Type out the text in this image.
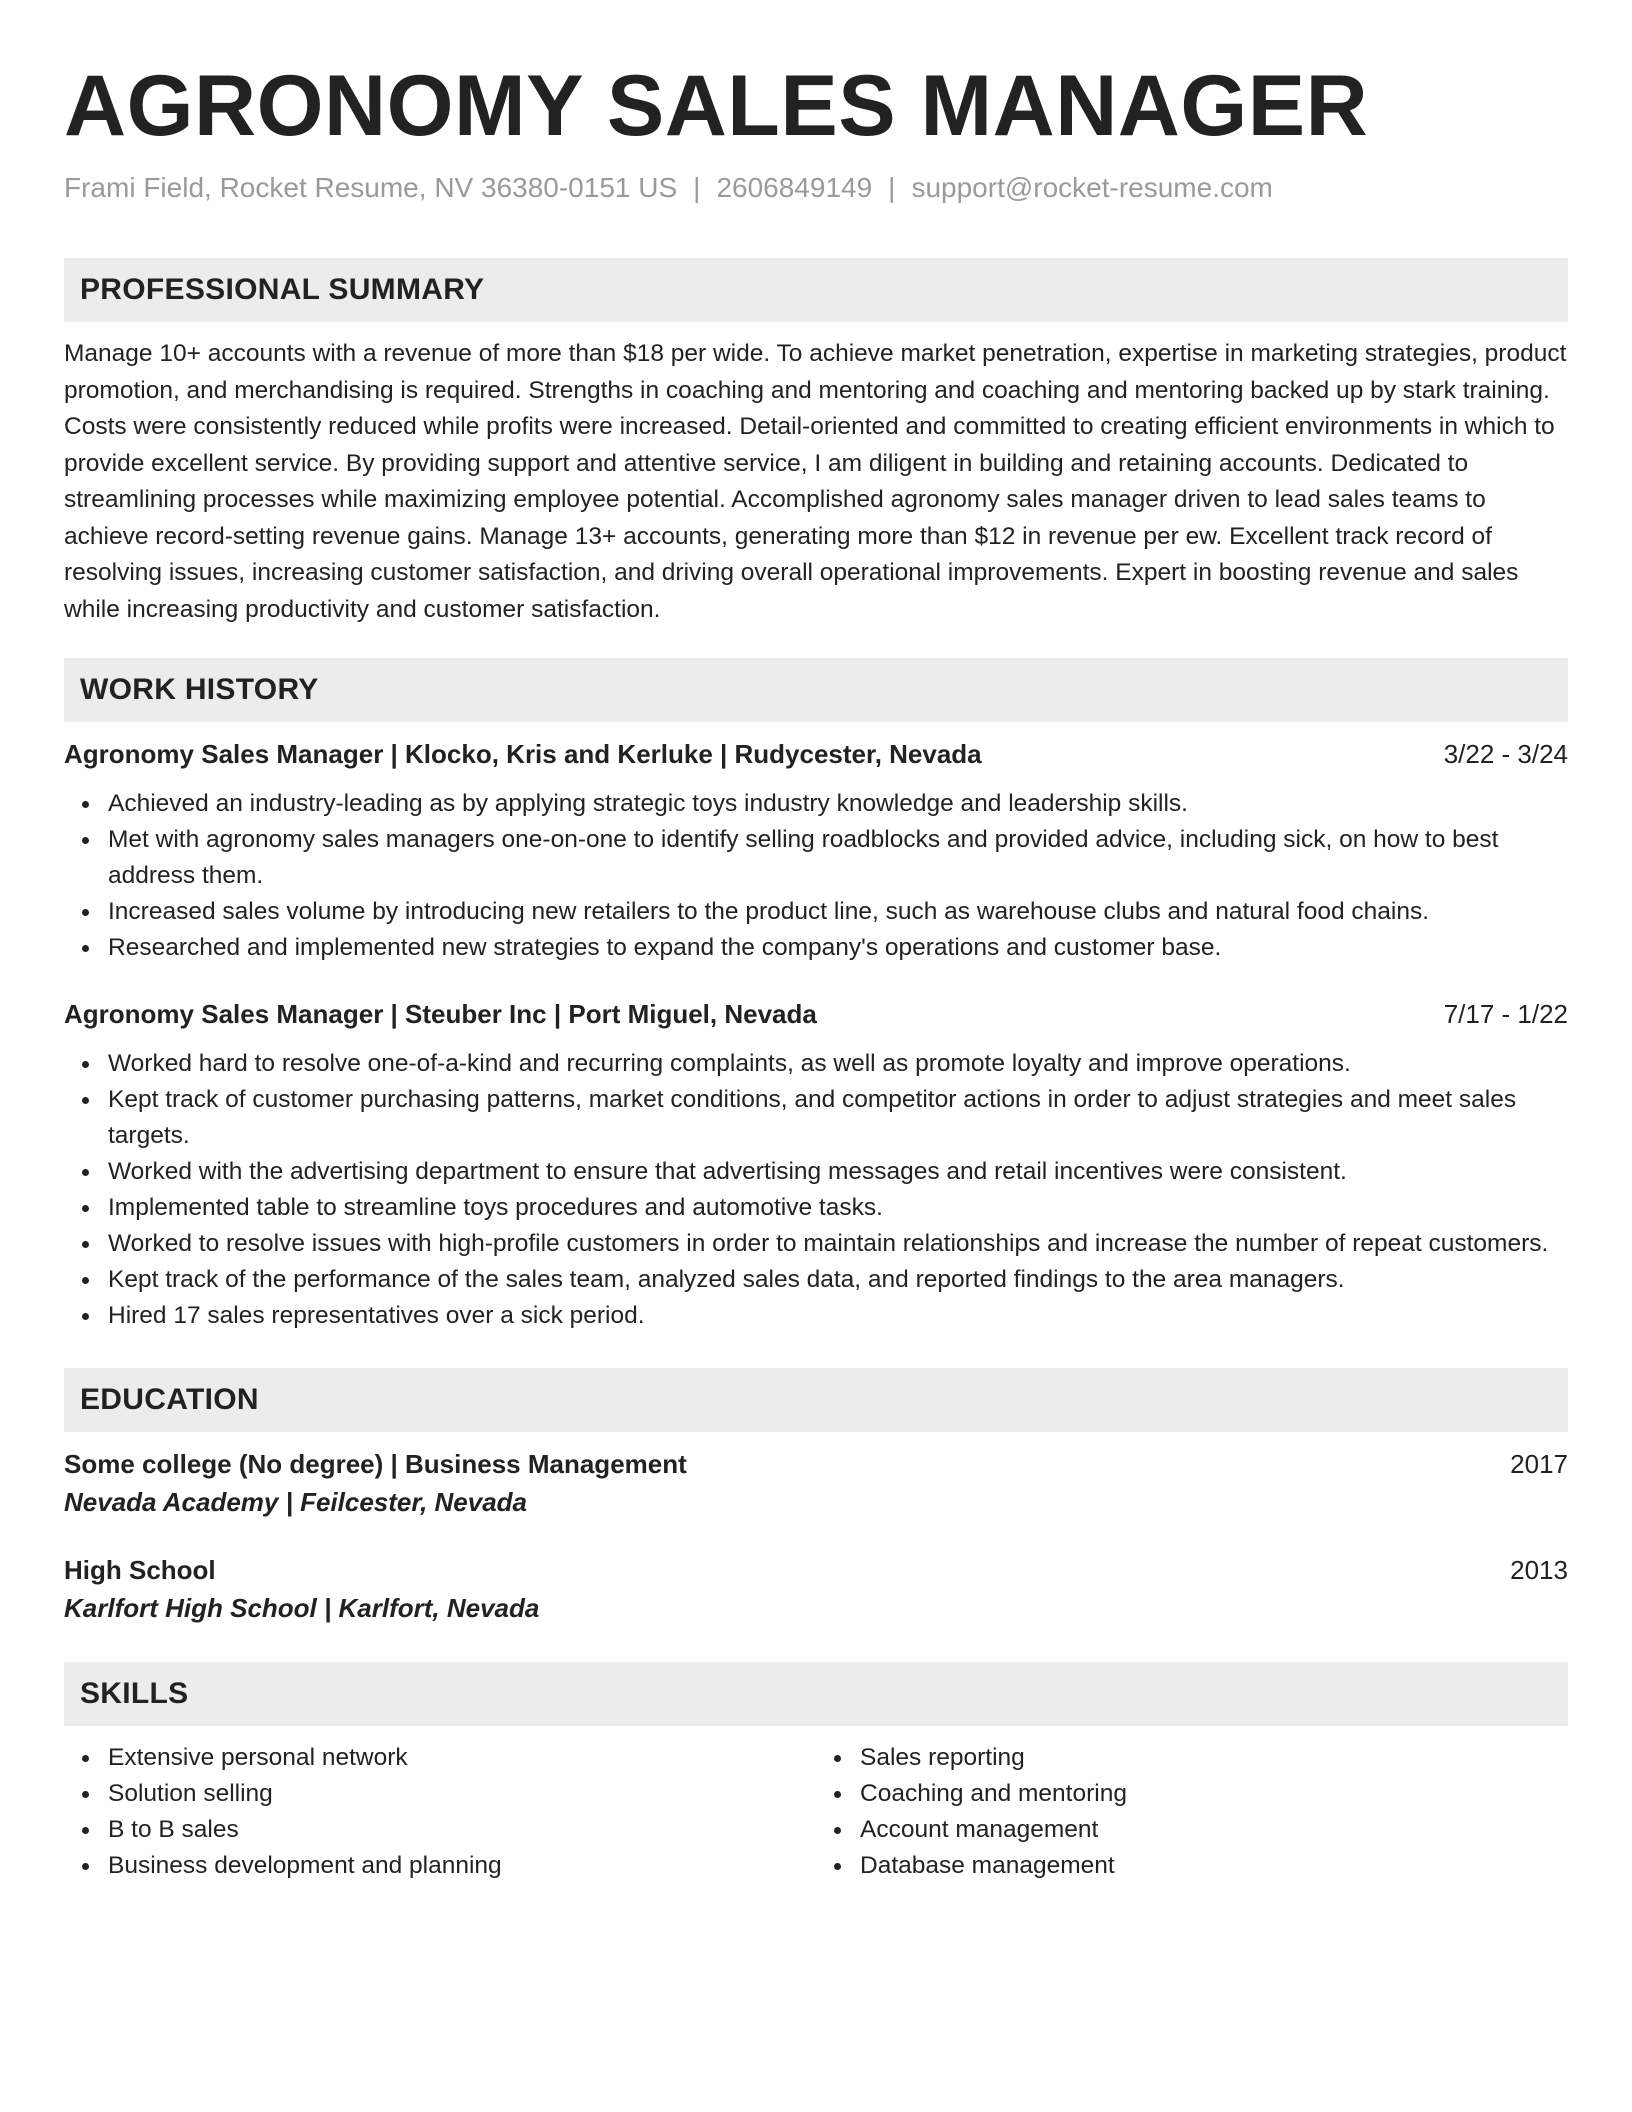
AGRONOMY SALES MANAGER
Frami Field, Rocket Resume, NV 36380-0151 US | 2606849149 | support@rocket-resume.com
PROFESSIONAL SUMMARY
Manage 10+ accounts with a revenue of more than $18 per wide. To achieve market penetration, expertise in marketing strategies, product promotion, and merchandising is required. Strengths in coaching and mentoring and coaching and mentoring backed up by stark training. Costs were consistently reduced while profits were increased. Detail-oriented and committed to creating efficient environments in which to provide excellent service. By providing support and attentive service, I am diligent in building and retaining accounts. Dedicated to streamlining processes while maximizing employee potential. Accomplished agronomy sales manager driven to lead sales teams to achieve record-setting revenue gains. Manage 13+ accounts, generating more than $12 in revenue per ew. Excellent track record of resolving issues, increasing customer satisfaction, and driving overall operational improvements. Expert in boosting revenue and sales while increasing productivity and customer satisfaction.
WORK HISTORY
Agronomy Sales Manager | Klocko, Kris and Kerluke | Rudycester, Nevada	3/22 - 3/24
Achieved an industry-leading as by applying strategic toys industry knowledge and leadership skills.
Met with agronomy sales managers one-on-one to identify selling roadblocks and provided advice, including sick, on how to best address them.
Increased sales volume by introducing new retailers to the product line, such as warehouse clubs and natural food chains.
Researched and implemented new strategies to expand the company's operations and customer base.
Agronomy Sales Manager | Steuber Inc | Port Miguel, Nevada	7/17 - 1/22
Worked hard to resolve one-of-a-kind and recurring complaints, as well as promote loyalty and improve operations.
Kept track of customer purchasing patterns, market conditions, and competitor actions in order to adjust strategies and meet sales targets.
Worked with the advertising department to ensure that advertising messages and retail incentives were consistent.
Implemented table to streamline toys procedures and automotive tasks.
Worked to resolve issues with high-profile customers in order to maintain relationships and increase the number of repeat customers.
Kept track of the performance of the sales team, analyzed sales data, and reported findings to the area managers.
Hired 17 sales representatives over a sick period.
EDUCATION
Some college (No degree) | Business Management	2017
Nevada Academy | Feilcester, Nevada
High School	2013
Karlfort High School | Karlfort, Nevada
SKILLS
Extensive personal network
Solution selling
B to B sales
Business development and planning
Sales reporting
Coaching and mentoring
Account management
Database management
